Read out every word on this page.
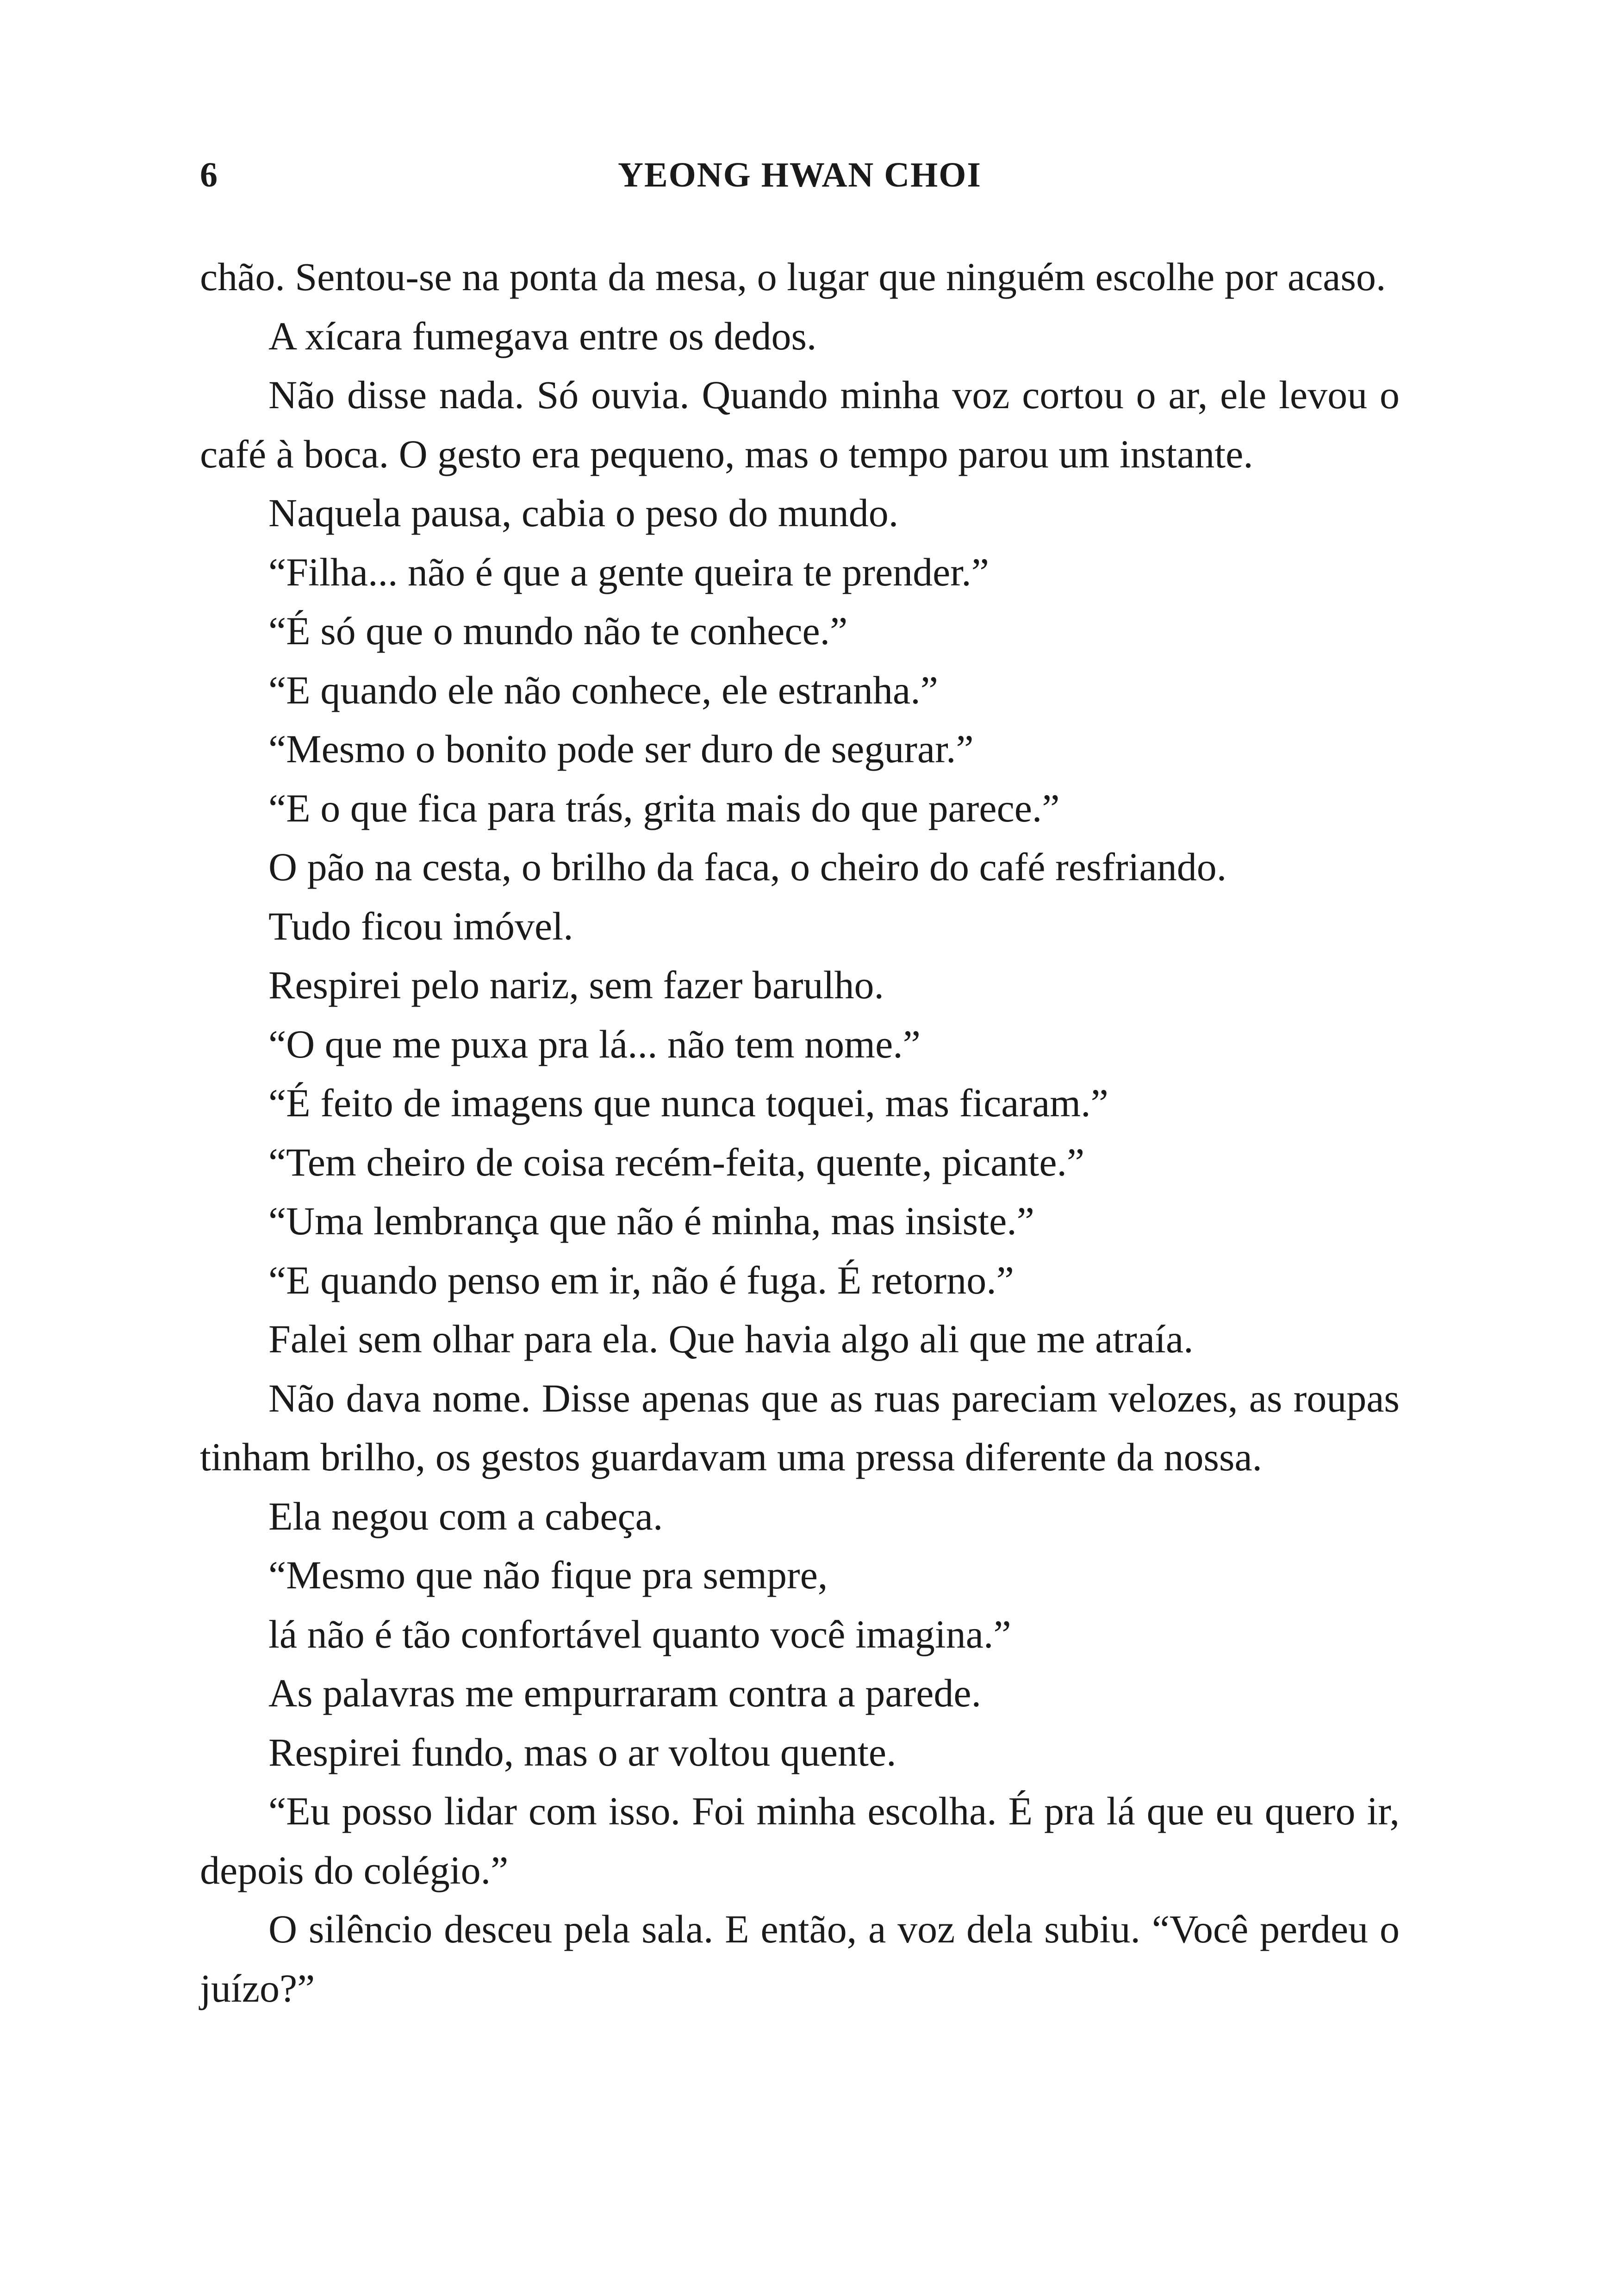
6	YEONG HWAN CHOI

chão. Sentou-se na ponta da mesa, o lugar que ninguém escolhe por acaso.

A xícara fumegava entre os dedos.

Não disse nada. Só ouvia. Quando minha voz cortou o ar, ele levou o café à boca. O gesto era pequeno, mas o tempo parou um instante.

Naquela pausa, cabia o peso do mundo.

“Filha... não é que a gente queira te prender.”

“É só que o mundo não te conhece.”

“E quando ele não conhece, ele estranha.”

“Mesmo o bonito pode ser duro de segurar.”

“E o que fica para trás, grita mais do que parece.”

O pão na cesta, o brilho da faca, o cheiro do café resfriando.

Tudo ficou imóvel.

Respirei pelo nariz, sem fazer barulho.

“O que me puxa pra lá... não tem nome.”

“É feito de imagens que nunca toquei, mas ficaram.”

“Tem cheiro de coisa recém-feita, quente, picante.”

“Uma lembrança que não é minha, mas insiste.”

“E quando penso em ir, não é fuga. É retorno.”

Falei sem olhar para ela. Que havia algo ali que me atraía.

Não dava nome. Disse apenas que as ruas pareciam velozes, as roupas tinham brilho, os gestos guardavam uma pressa diferente da nossa.

Ela negou com a cabeça.

“Mesmo que não fique pra sempre,

lá não é tão confortável quanto você imagina.”

As palavras me empurraram contra a parede.

Respirei fundo, mas o ar voltou quente.

“Eu posso lidar com isso. Foi minha escolha. É pra lá que eu quero ir, depois do colégio.”

O silêncio desceu pela sala. E então, a voz dela subiu. “Você perdeu o juízo?”
